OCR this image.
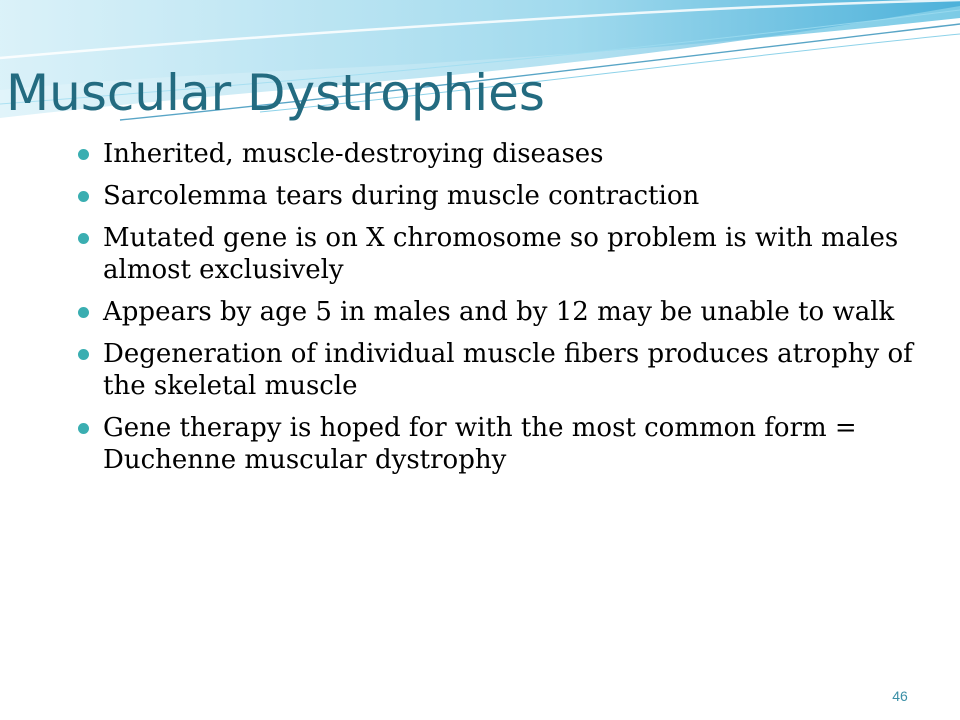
Muscular Dystrophies
Inherited, muscle-destroying diseases
Sarcolemma tears during muscle contraction
Mutated gene is on X chromosome so problem is with males almost exclusively
Appears by age 5 in males and by 12 may be unable to walk
Degeneration of individual muscle fibers produces atrophy of the skeletal muscle
Gene therapy is hoped for with the most common form = Duchenne muscular dystrophy
46
